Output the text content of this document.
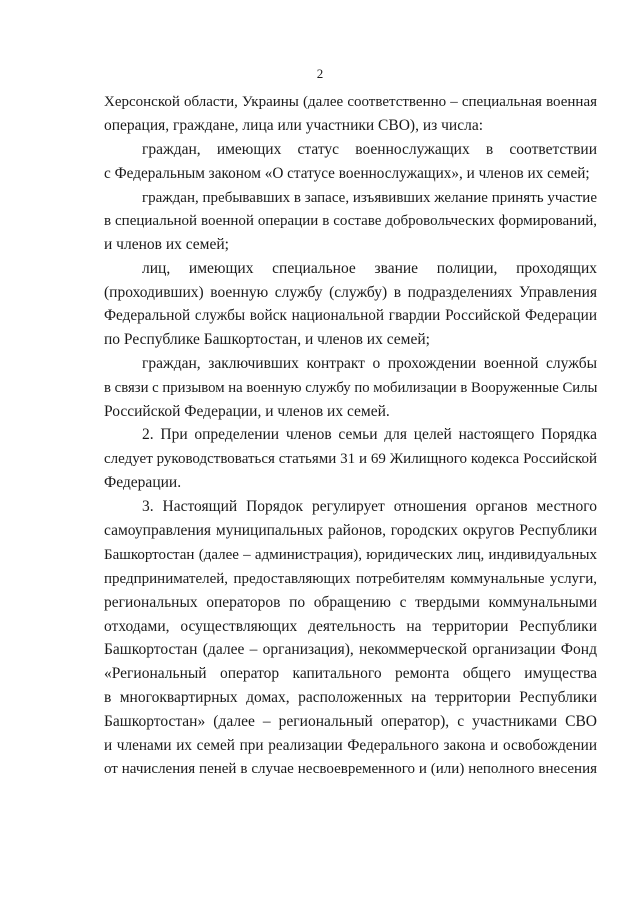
2
Херсонской области, Украины (далее соответственно – специальная военная
операция, граждане, лица или участники СВО), из числа:
граждан, имеющих статус военнослужащих в соответствии
с Федеральным законом «О статусе военнослужащих», и членов их семей;
граждан, пребывавших в запасе, изъявивших желание принять участие
в специальной военной операции в составе добровольческих формирований,
и членов их семей;
лиц, имеющих специальное звание полиции, проходящих
(проходивших) военную службу (службу) в подразделениях Управления
Федеральной службы войск национальной гвардии Российской Федерации
по Республике Башкортостан, и членов их семей;
граждан, заключивших контракт о прохождении военной службы
в связи с призывом на военную службу по мобилизации в Вооруженные Силы
Российской Федерации, и членов их семей.
2. При определении членов семьи для целей настоящего Порядка
следует руководствоваться статьями 31 и 69 Жилищного кодекса Российской
Федерации.
3. Настоящий Порядок регулирует отношения органов местного
самоуправления муниципальных районов, городских округов Республики
Башкортостан (далее – администрация), юридических лиц, индивидуальных
предпринимателей, предоставляющих потребителям коммунальные услуги,
региональных операторов по обращению с твердыми коммунальными
отходами, осуществляющих деятельность на территории Республики
Башкортостан (далее – организация), некоммерческой организации Фонд
«Региональный оператор капитального ремонта общего имущества
в многоквартирных домах, расположенных на территории Республики
Башкортостан» (далее – региональный оператор), с участниками СВО
и членами их семей при реализации Федерального закона и освобождении
от начисления пеней в случае несвоевременного и (или) неполного внесения
